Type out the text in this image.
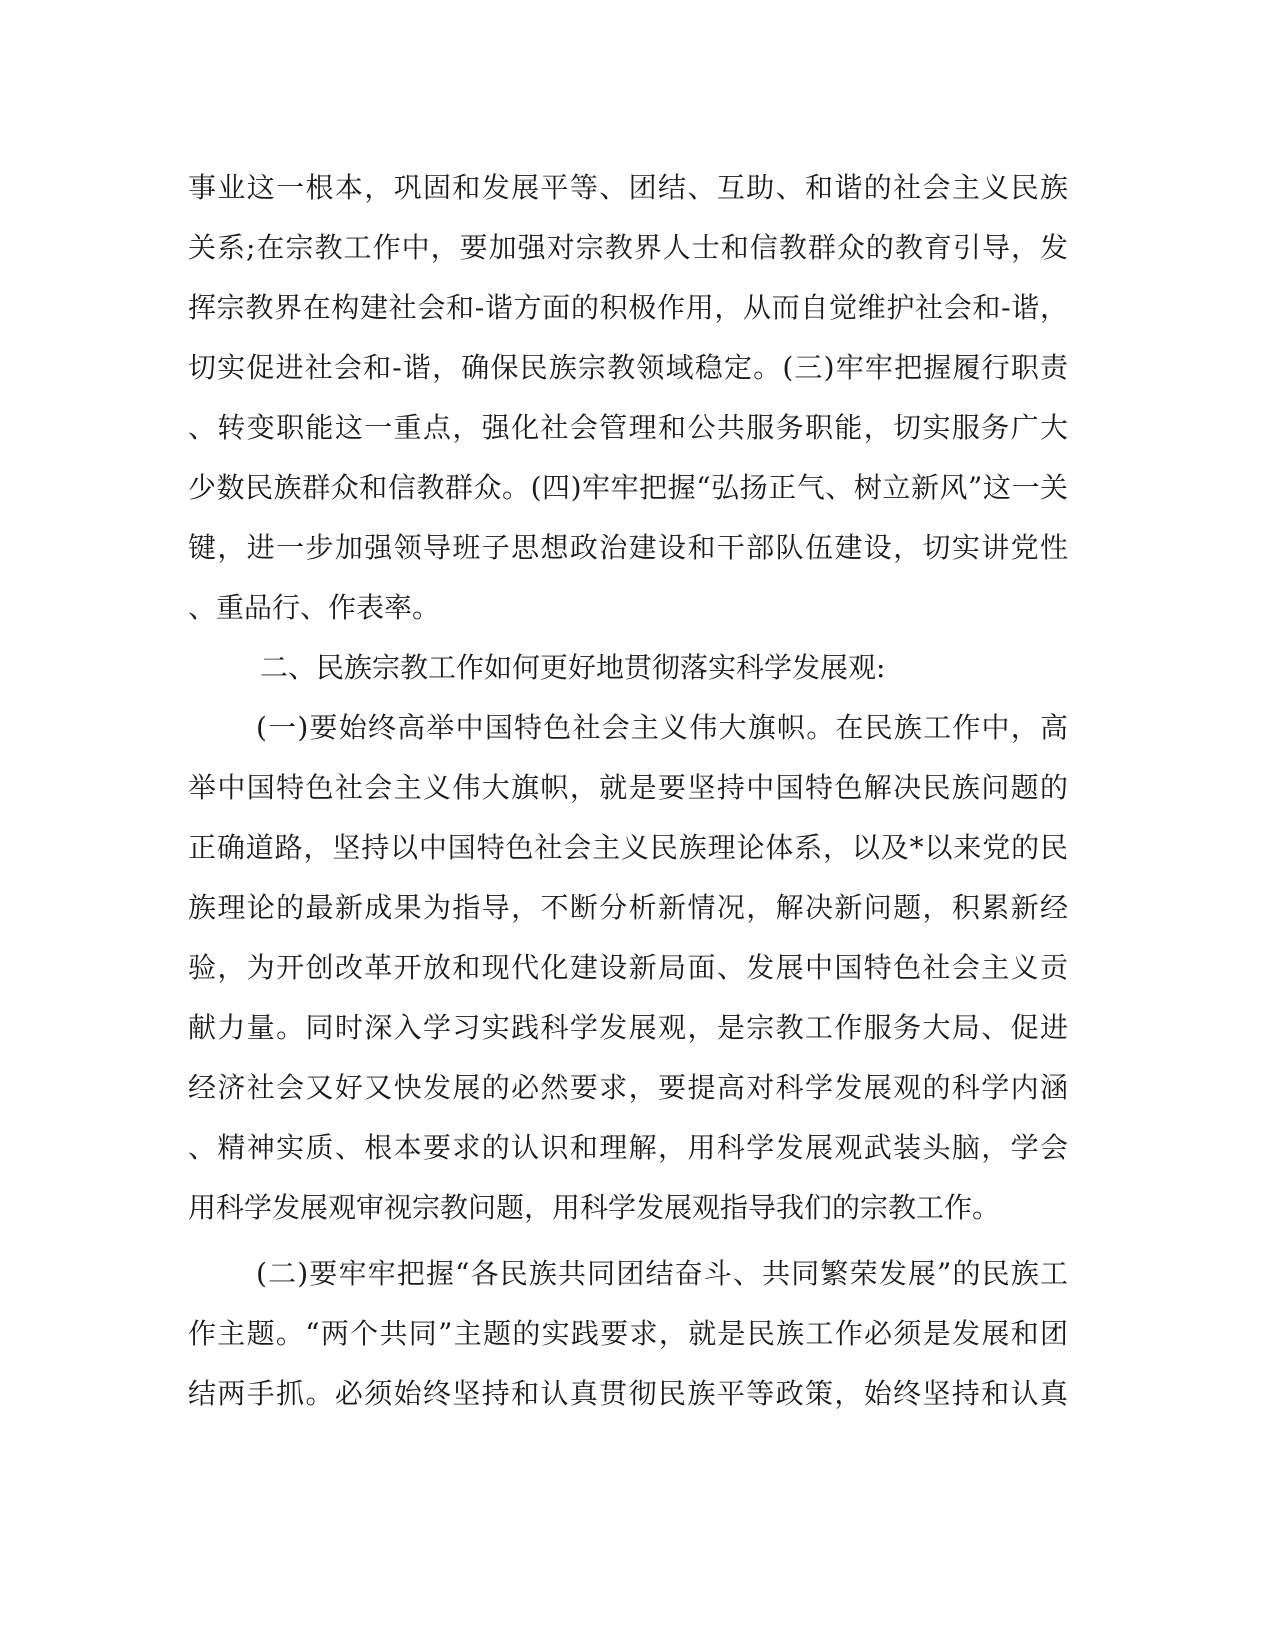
事业这一根本，巩固和发展平等、团结、互助、和谐的社会主义民族
关系;在宗教工作中，要加强对宗教界人士和信教群众的教育引导，发
挥宗教界在构建社会和-谐方面的积极作用，从而自觉维护社会和-谐，
切实促进社会和-谐，确保民族宗教领域稳定。(三)牢牢把握履行职责
、转变职能这一重点，强化社会管理和公共服务职能，切实服务广大
少数民族群众和信教群众。(四)牢牢把握“弘扬正气、树立新风”这一关
键，进一步加强领导班子思想政治建设和干部队伍建设，切实讲党性
、重品行、作表率。
二、民族宗教工作如何更好地贯彻落实科学发展观:
(一)要始终高举中国特色社会主义伟大旗帜。在民族工作中，高
举中国特色社会主义伟大旗帜，就是要坚持中国特色解决民族问题的
正确道路，坚持以中国特色社会主义民族理论体系，以及*以来党的民
族理论的最新成果为指导，不断分析新情况，解决新问题，积累新经
验，为开创改革开放和现代化建设新局面、发展中国特色社会主义贡
献力量。同时深入学习实践科学发展观，是宗教工作服务大局、促进
经济社会又好又快发展的必然要求，要提高对科学发展观的科学内涵
、精神实质、根本要求的认识和理解，用科学发展观武装头脑，学会
用科学发展观审视宗教问题，用科学发展观指导我们的宗教工作。
(二)要牢牢把握“各民族共同团结奋斗、共同繁荣发展”的民族工
作主题。“两个共同”主题的实践要求，就是民族工作必须是发展和团
结两手抓。必须始终坚持和认真贯彻民族平等政策，始终坚持和认真
